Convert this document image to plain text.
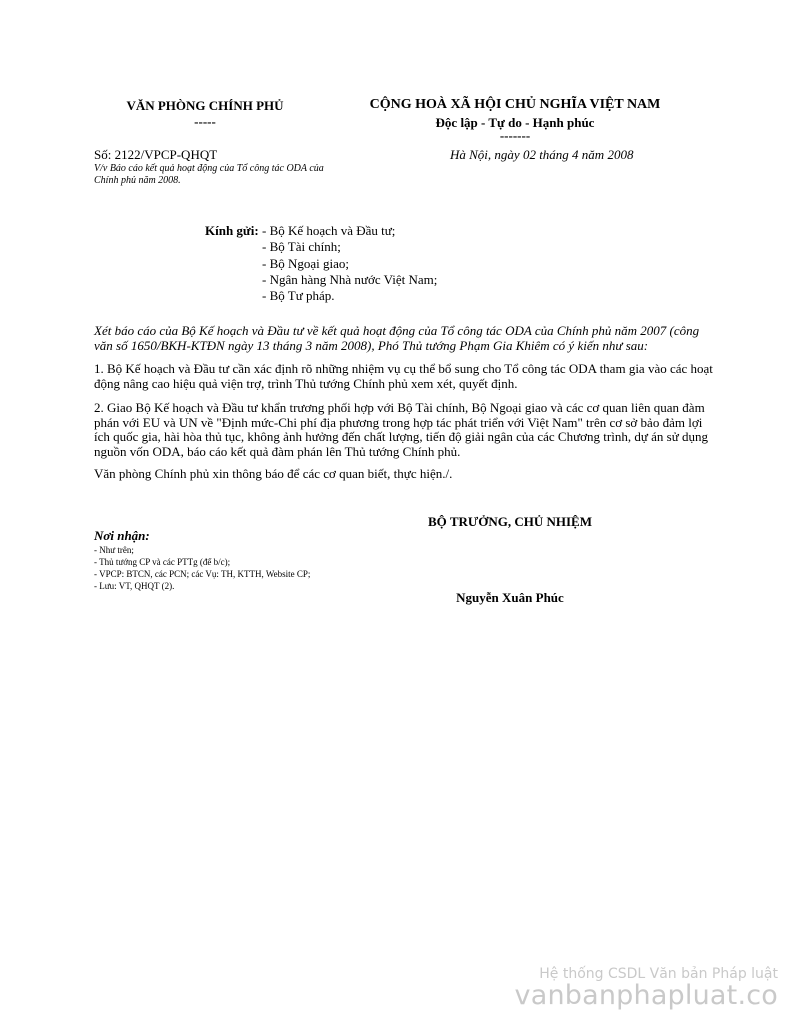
VĂN PHÒNG CHÍNH PHỦ
-----
CỘNG HOÀ XÃ HỘI CHỦ NGHĨA VIỆT NAM
Độc lập - Tự do - Hạnh phúc
-------
Số: 2122/VPCP-QHQT
V/v Báo cáo kết quả hoạt động của Tổ công tác ODA của Chính phủ năm 2008.
Hà Nội, ngày 02 tháng 4 năm 2008
Kính gửi: - Bộ Kế hoạch và Đầu tư;
- Bộ Tài chính;
- Bộ Ngoại giao;
- Ngân hàng Nhà nước Việt Nam;
- Bộ Tư pháp.

Xét báo cáo của Bộ Kế hoạch và Đầu tư về kết quả hoạt động của Tổ công tác ODA của Chính phủ năm 2007 (công văn số 1650/BKH-KTĐN ngày 13 tháng 3 năm 2008), Phó Thủ tướng Phạm Gia Khiêm có ý kiến như sau:

1. Bộ Kế hoạch và Đầu tư cần xác định rõ những nhiệm vụ cụ thể bổ sung cho Tổ công tác ODA tham gia vào các hoạt động nâng cao hiệu quả viện trợ, trình Thủ tướng Chính phủ xem xét, quyết định.

2. Giao Bộ Kế hoạch và Đầu tư khẩn trương phối hợp với Bộ Tài chính, Bộ Ngoại giao và các cơ quan liên quan đàm phán với EU và UN về "Định mức-Chi phí địa phương trong hợp tác phát triển với Việt Nam" trên cơ sở bảo đảm lợi ích quốc gia, hài hòa thủ tục, không ảnh hưởng đến chất lượng, tiến độ giải ngân của các Chương trình, dự án sử dụng nguồn vốn ODA, báo cáo kết quả đàm phán lên Thủ tướng Chính phủ.

Văn phòng Chính phủ xin thông báo để các cơ quan biết, thực hiện./.

BỘ TRƯỞNG, CHỦ NHIỆM
Nguyễn Xuân Phúc
Nơi nhận:
- Như trên;
- Thủ tướng CP và các PTTg (để b/c);
- VPCP: BTCN, các PCN; các Vụ: TH, KTTH, Website CP;
- Lưu: VT, QHQT (2).
Hệ thống CSDL Văn bản Pháp luật
vanbanphapluat.co
